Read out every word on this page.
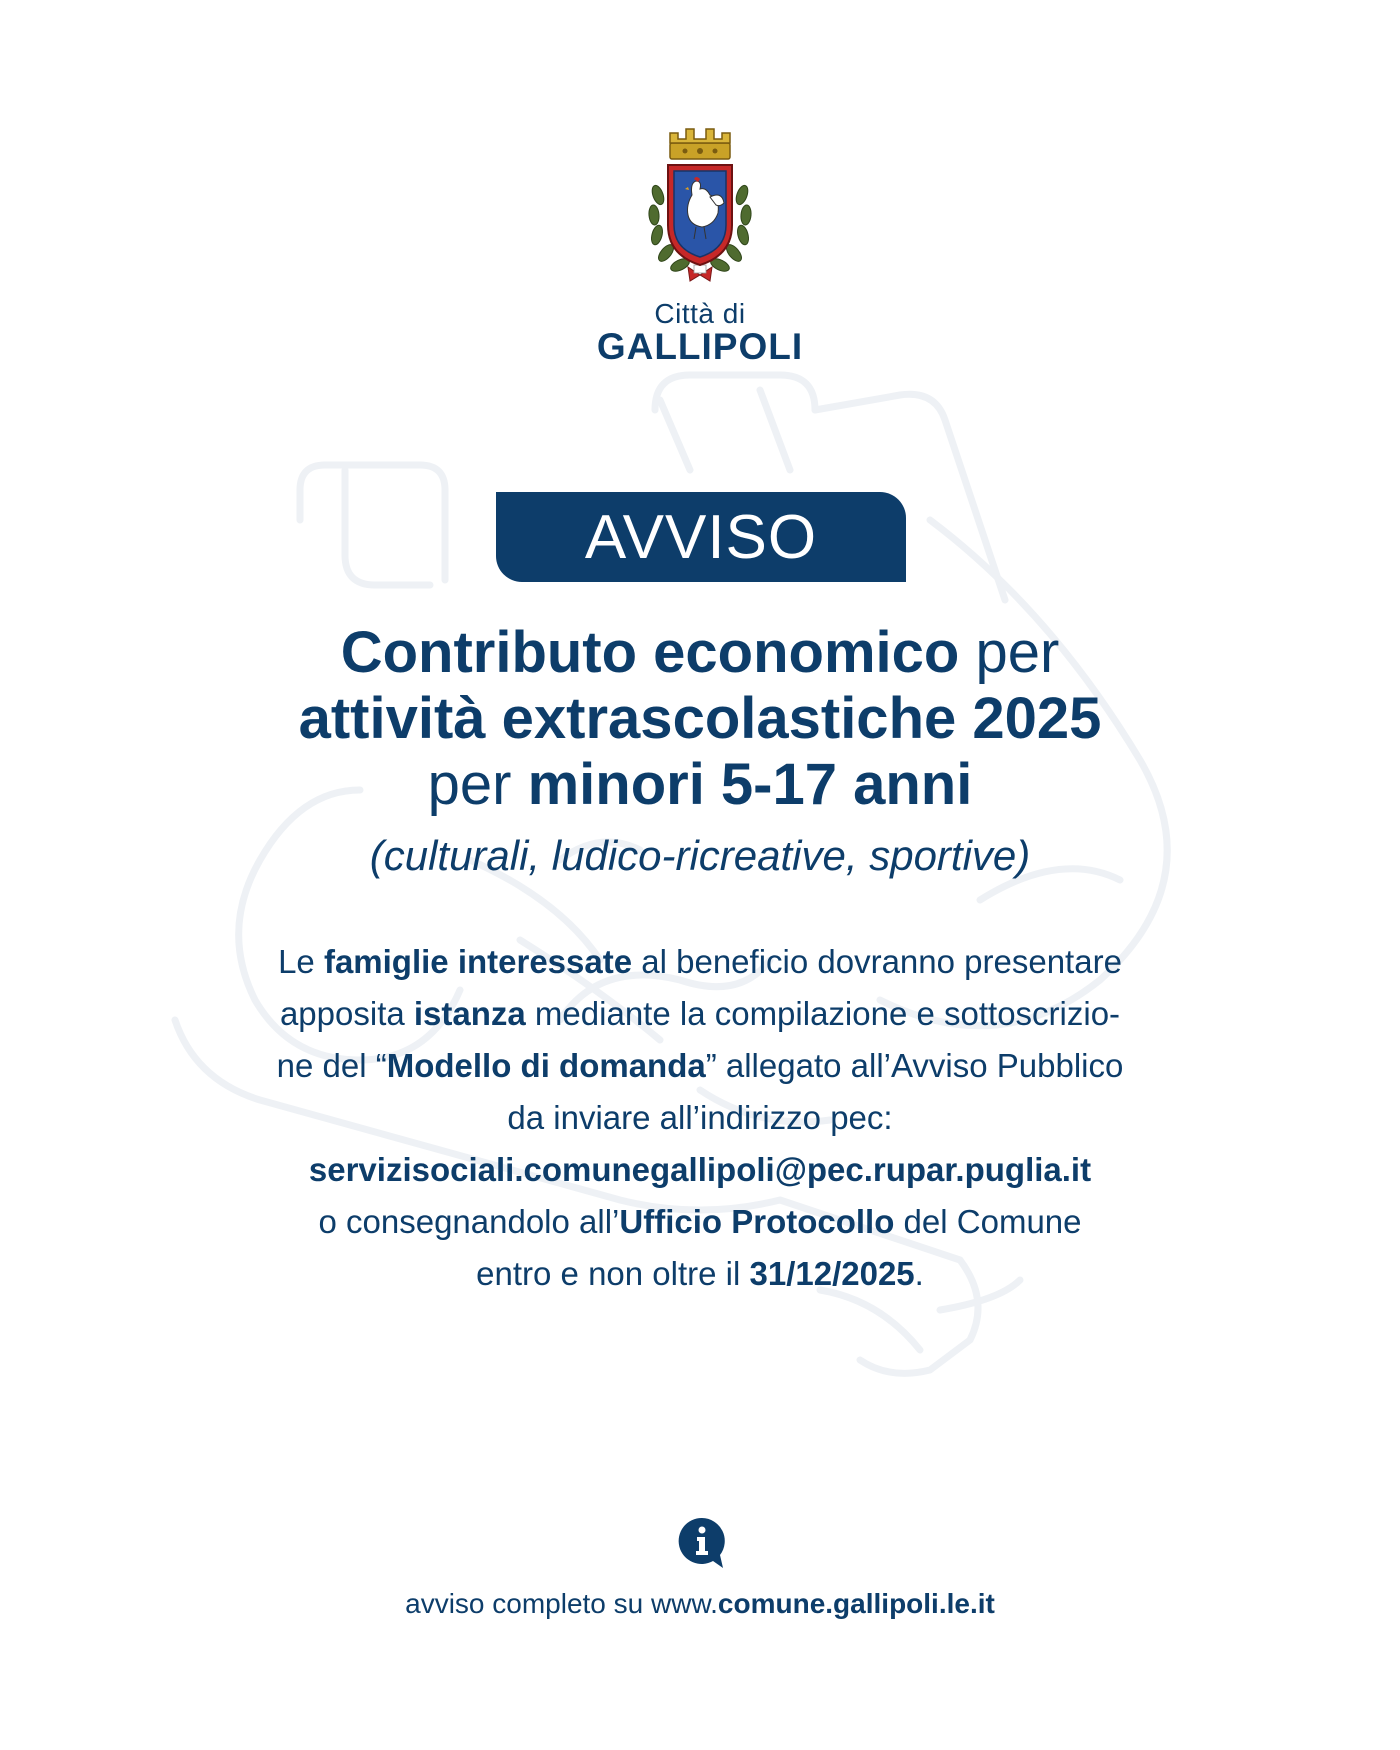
Città di
GALLIPOLI
AVVISO
Contributo economico per
attività extrascolastiche 2025
per minori 5-17 anni
(culturali, ludico-ricreative, sportive)
Le famiglie interessate al beneficio dovranno presentare
apposita istanza mediante la compilazione e sottoscrizio-
ne del “Modello di domanda” allegato all’Avviso Pubblico
da inviare all’indirizzo pec:
servizisociali.comunegallipoli@pec.rupar.puglia.it
o consegnandolo all’Ufficio Protocollo del Comune
entro e non oltre il 31/12/2025.
avviso completo su www.comune.gallipoli.le.it
